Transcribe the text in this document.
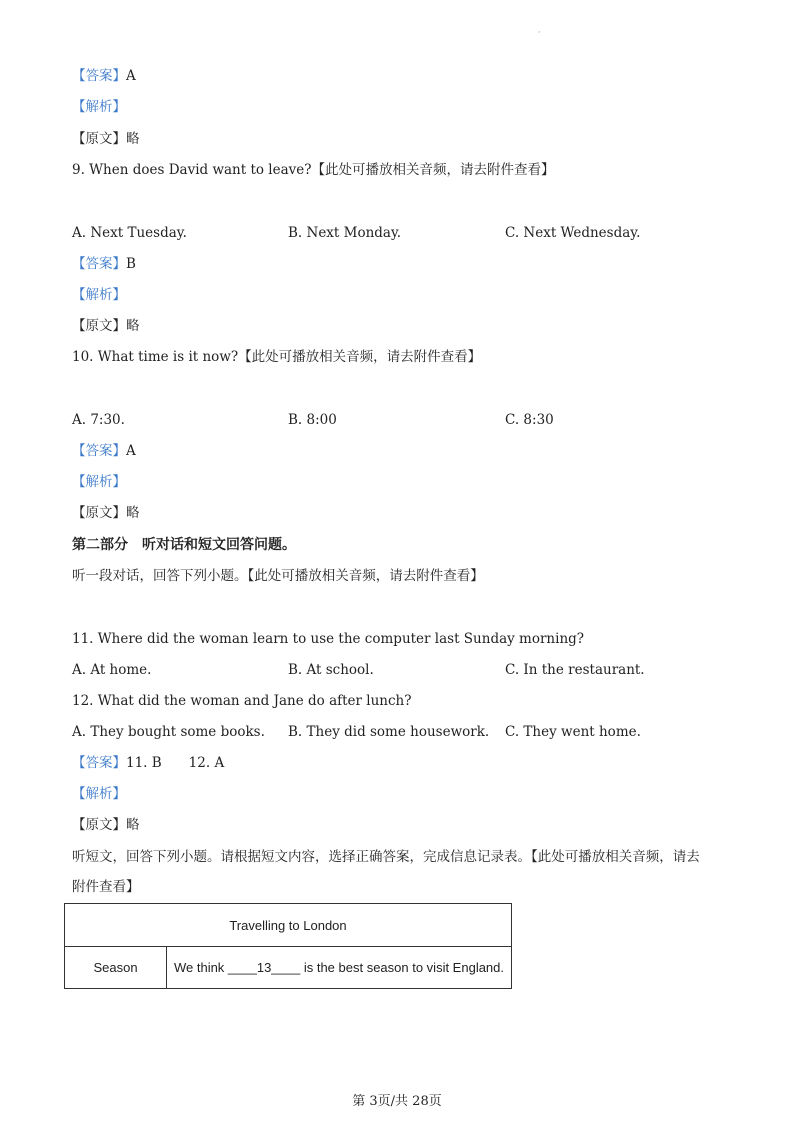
·
【答案】A
【解析】
【原文】略
9. When does David want to leave?【此处可播放相关音频，请去附件查看】
A. Next Tuesday.	B. Next Monday.	C. Next Wednesday.
【答案】B
【解析】
【原文】略
10. What time is it now?【此处可播放相关音频，请去附件查看】
A. 7:30.	B. 8:00	C. 8:30
【答案】A
【解析】
【原文】略
第二部分　听对话和短文回答问题。
听一段对话，回答下列小题。【此处可播放相关音频，请去附件查看】
11. Where did the woman learn to use the computer last Sunday morning?
A. At home.	B. At school.	C. In the restaurant.
12. What did the woman and Jane do after lunch?
A. They bought some books. B. They did some housework. C. They went home.
【答案】11. B　　12. A
【解析】
【原文】略
听短文，回答下列小题。请根据短文内容，选择正确答案，完成信息记录表。【此处可播放相关音频，请去
附件查看】
Travelling to London
Season	We think ____13____ is the best season to visit England.
第 3页/共 28页
